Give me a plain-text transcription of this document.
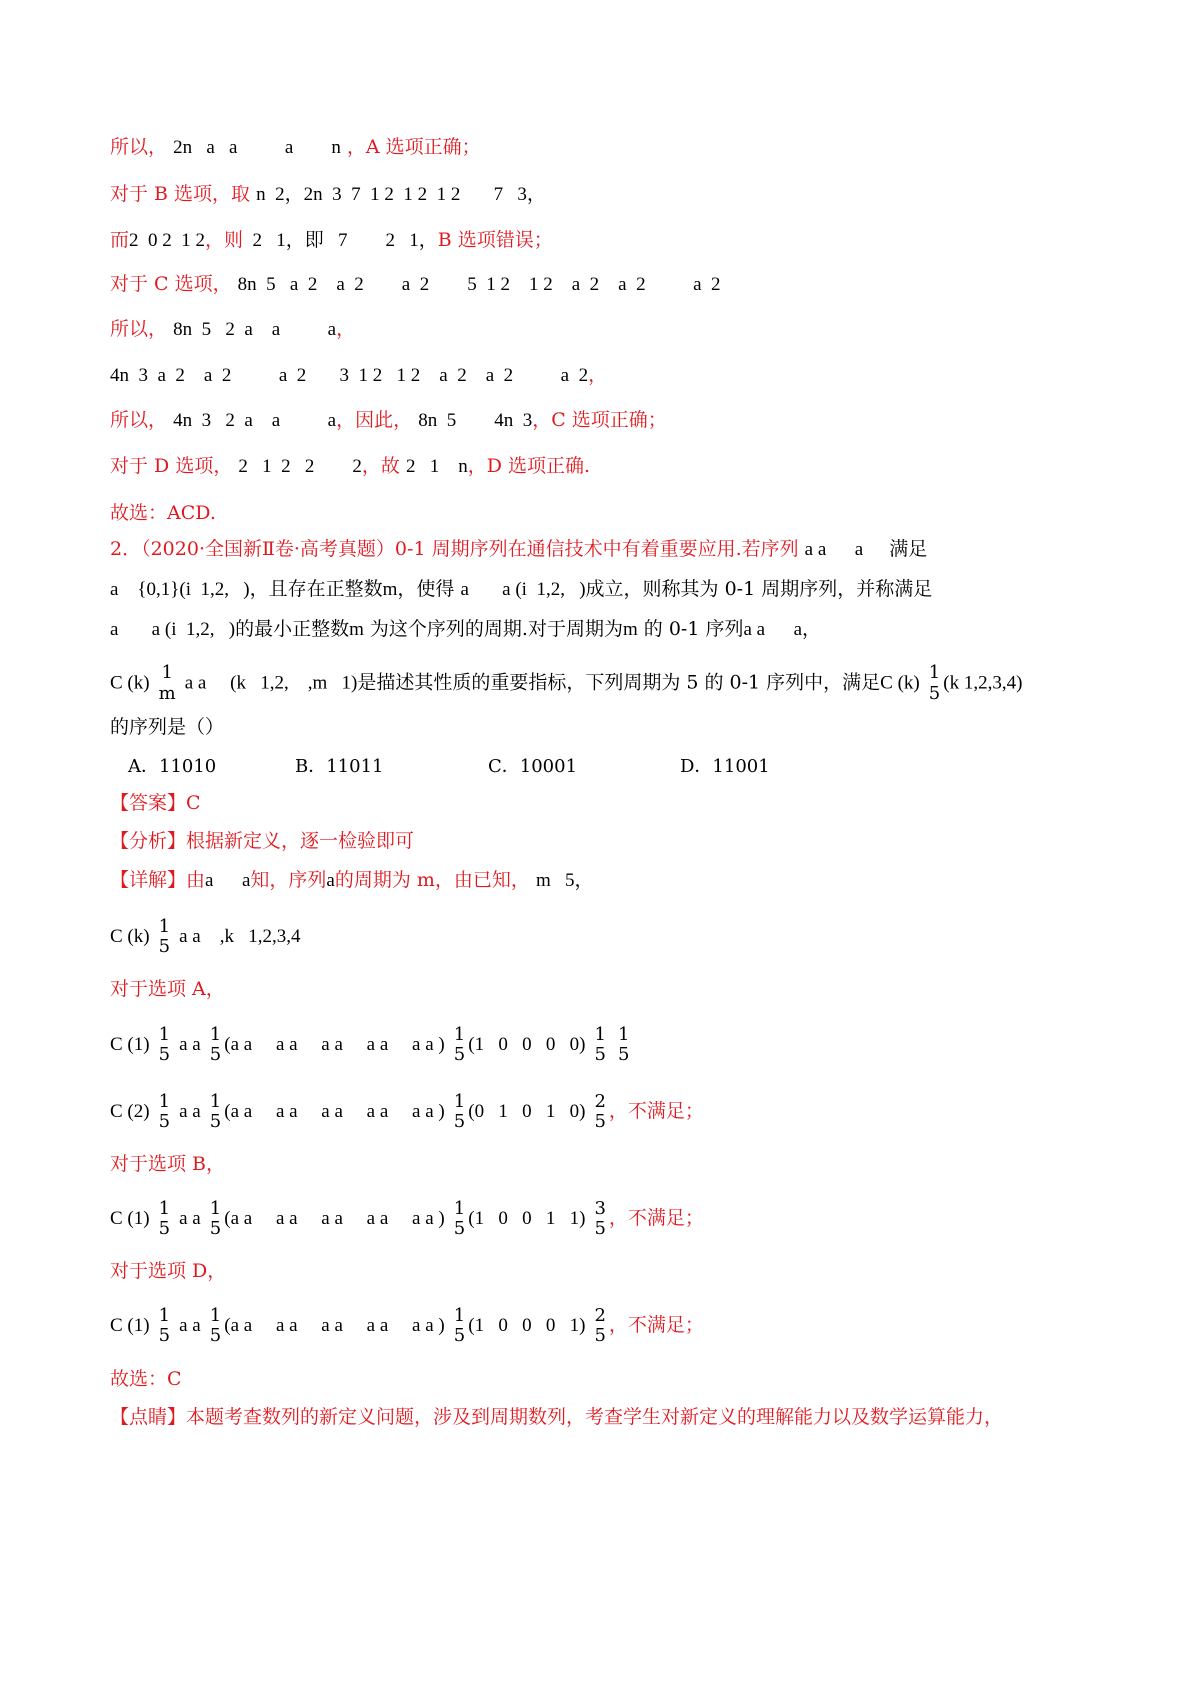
所以， 2n   a   a          a        n ，A 选项正确；
对于 B 选项，取 n  2，2n  3  7  1 2  1 2  1 2       7   3，
而2  0 2  1 2，则  2   1，即   7        2   1，B 选项错误；
对于 C 选项， 8n  5   a  2    a  2        a  2        5  1 2    1 2    a  2    a  2          a  2
所以， 8n  5   2  a    a          a，
4n  3  a  2    a  2          a  2       3  1 2   1 2    a  2    a  2          a  2，
所以， 4n  3   2  a    a          a，因此， 8n  5        4n  3，C 选项正确；
对于 D 选项， 2   1  2   2        2，故 2   1    n，D 选项正确.
故选：ACD.
2．（2020·全国新Ⅱ卷·高考真题）0-1 周期序列在通信技术中有着重要应用.若序列 a a      a 满足
a    {0,1}(i  1,2,   )，且存在正整数m，使得 a       a (i  1,2,   )成立，则称其为 0-1 周期序列，并称满足
a       a (i  1,2,   )的最小正整数m 为这个序列的周期.对于周期为m 的 0-1 序列a a      a，
C (k) 1
m a a     (k   1,2,    ,m   1)是描述其性质的重要指标，下列周期为 5 的 0-1 序列中，满足C (k) 1
5 (k 1,2,3,4)
的序列是（）
A．11010	B．11011	C．10001	D．11001
【答案】C
【分析】根据新定义，逐一检验即可
【详解】由a      a知，序列a的周期为 m，由已知， m   5，
C (k) 1
5 a a    ,k   1,2,3,4
对于选项 A，
C (1) 1
5 a a 1
5 (a a     a a     a a     a a     a a ) 1
5 (1   0   0   0   0) 1
5

1
5
C (2) 1
5 a a 1
5 (a a     a a     a a     a a     a a ) 1
5 (0   1   0   1   0) 2
5 ，不满足；
对于选项 B，
C (1) 1
5 a a 1
5 (a a     a a     a a     a a     a a ) 1
5 (1   0   0   1   1) 3
5 ，不满足；
对于选项 D，
C (1) 1
5 a a 1
5 (a a     a a     a a     a a     a a ) 1
5 (1   0   0   0   1) 2
5 ，不满足；
故选：C
【点睛】本题考查数列的新定义问题，涉及到周期数列，考查学生对新定义的理解能力以及数学运算能力，
